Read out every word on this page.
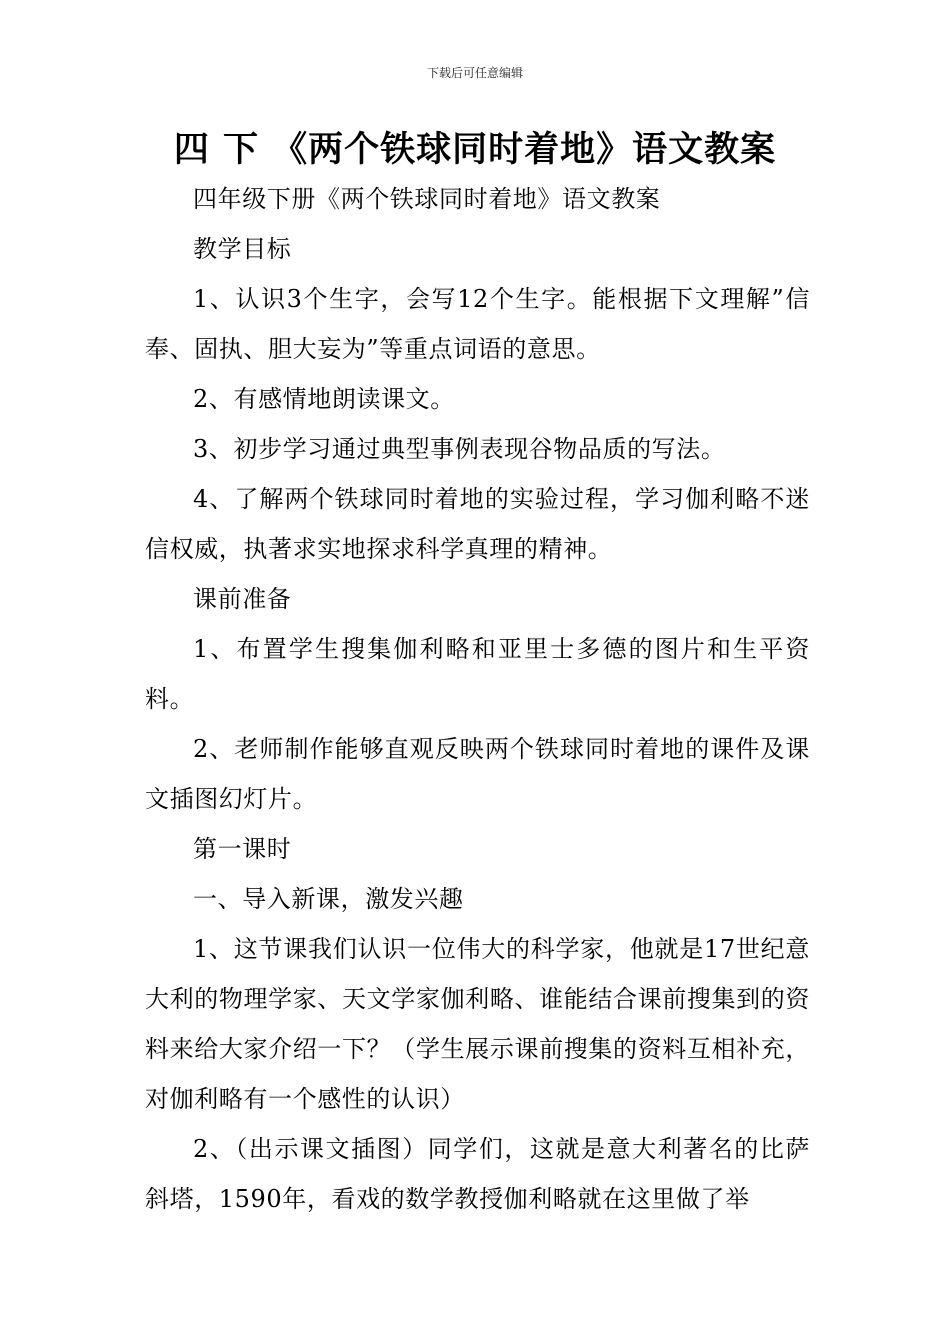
下载后可任意编辑
四 下 《两个铁球同时着地》语文教案

四年级下册《两个铁球同时着地》语文教案

教学目标

1、认识3个生字，会写12个生字。能根据下文理解”信奉、固执、胆大妄为”等重点词语的意思。

2、有感情地朗读课文。

3、初步学习通过典型事例表现谷物品质的写法。

4、了解两个铁球同时着地的实验过程，学习伽利略不迷信权威，执著求实地探求科学真理的精神。

课前准备

1、布置学生搜集伽利略和亚里士多德的图片和生平资料。

2、老师制作能够直观反映两个铁球同时着地的课件及课文插图幻灯片。

第一课时

一、导入新课，激发兴趣

1、这节课我们认识一位伟大的科学家，他就是17世纪意大利的物理学家、天文学家伽利略、谁能结合课前搜集到的资料来给大家介绍一下？（学生展示课前搜集的资料互相补充，对伽利略有一个感性的认识）

2、（出示课文插图）同学们，这就是意大利著名的比萨斜塔，1590年，看戏的数学教授伽利略就在这里做了举
